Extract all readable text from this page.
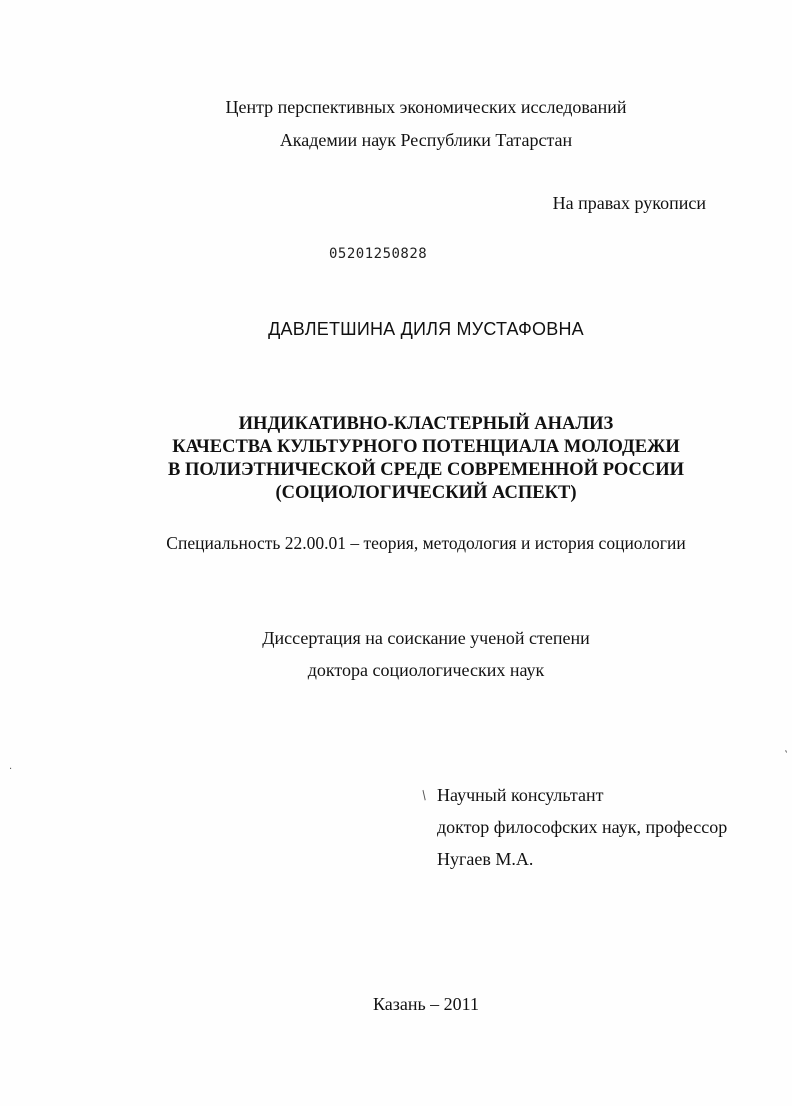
Центр перспективных экономических исследований
Академии наук Республики Татарстан
На правах рукописи
05201250828
ДАВЛЕТШИНА ДИЛЯ МУСТАФОВНА
ИНДИКАТИВНО-КЛАСТЕРНЫЙ АНАЛИЗ
КАЧЕСТВА КУЛЬТУРНОГО ПОТЕНЦИАЛА МОЛОДЕЖИ
В ПОЛИЭТНИЧЕСКОЙ СРЕДЕ СОВРЕМЕННОЙ РОССИИ
(СОЦИОЛОГИЧЕСКИЙ АСПЕКТ)
Специальность 22.00.01 – теория, методология и история социологии
Диссертация на соискание ученой степени
доктора социологических наук
/
·
,
Научный консультант
доктор философских наук, профессор
Нугаев М.А.
Казань – 2011
